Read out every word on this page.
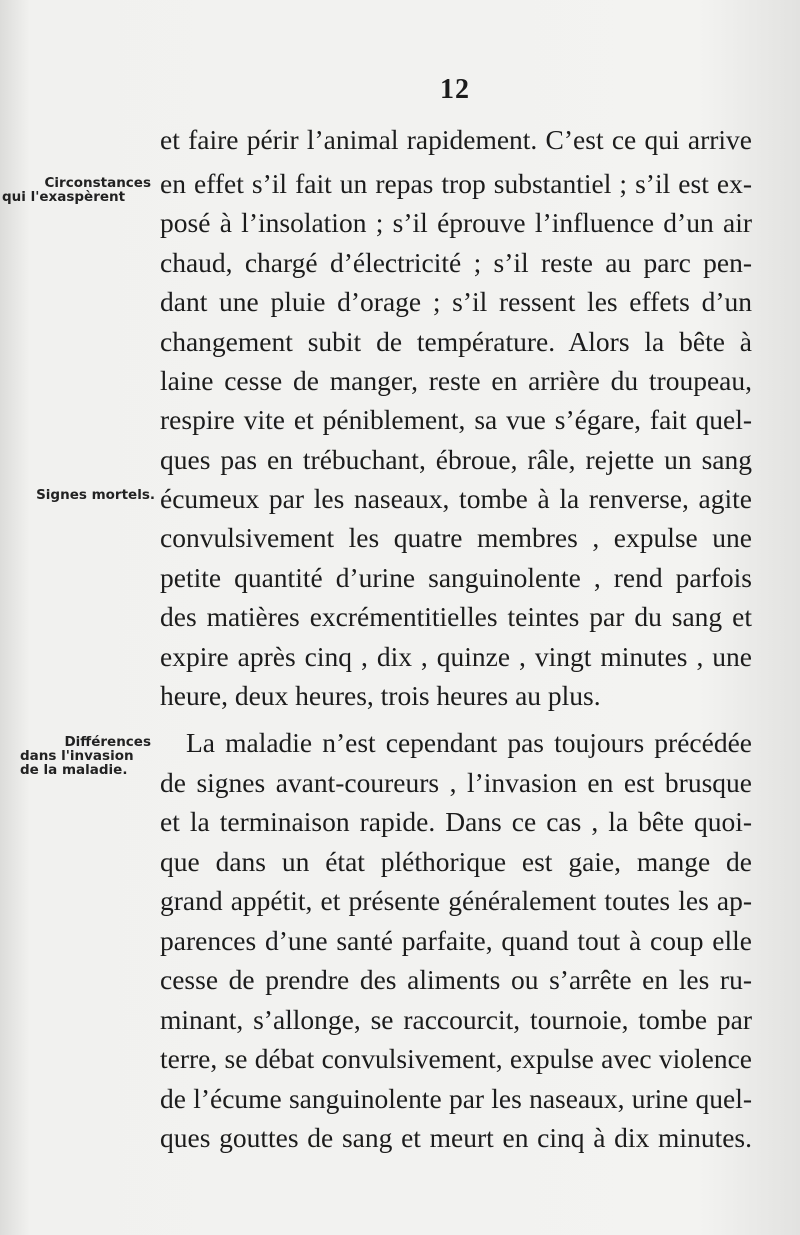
12
Circonstances
qui l'exaspèrent
Signes mortels.
Différences
dans l'invasion
de la maladie.
et faire périr l’animal rapidement. C’est ce qui arrive
en effet s’il fait un repas trop substantiel ; s’il est ex-
posé à l’insolation ; s’il éprouve l’influence d’un air
chaud, chargé d’électricité ; s’il reste au parc pen-
dant une pluie d’orage ; s’il ressent les effets d’un
changement subit de température. Alors la bête à
laine cesse de manger, reste en arrière du troupeau,
respire vite et péniblement, sa vue s’égare, fait quel-
ques pas en trébuchant, ébroue, râle, rejette un sang
écumeux par les naseaux, tombe à la renverse, agite
convulsivement les quatre membres , expulse une
petite quantité d’urine sanguinolente , rend parfois
des matières excrémentitielles teintes par du sang et
expire après cinq , dix , quinze , vingt minutes , une
heure, deux heures, trois heures au plus.
La maladie n’est cependant pas toujours précédée
de signes avant-coureurs , l’invasion en est brusque
et la terminaison rapide. Dans ce cas , la bête quoi-
que dans un état pléthorique est gaie, mange de
grand appétit, et présente généralement toutes les ap-
parences d’une santé parfaite, quand tout à coup elle
cesse de prendre des aliments ou s’arrête en les ru-
minant, s’allonge, se raccourcit, tournoie, tombe par
terre, se débat convulsivement, expulse avec violence
de l’écume sanguinolente par les naseaux, urine quel-
ques gouttes de sang et meurt en cinq à dix minutes.
